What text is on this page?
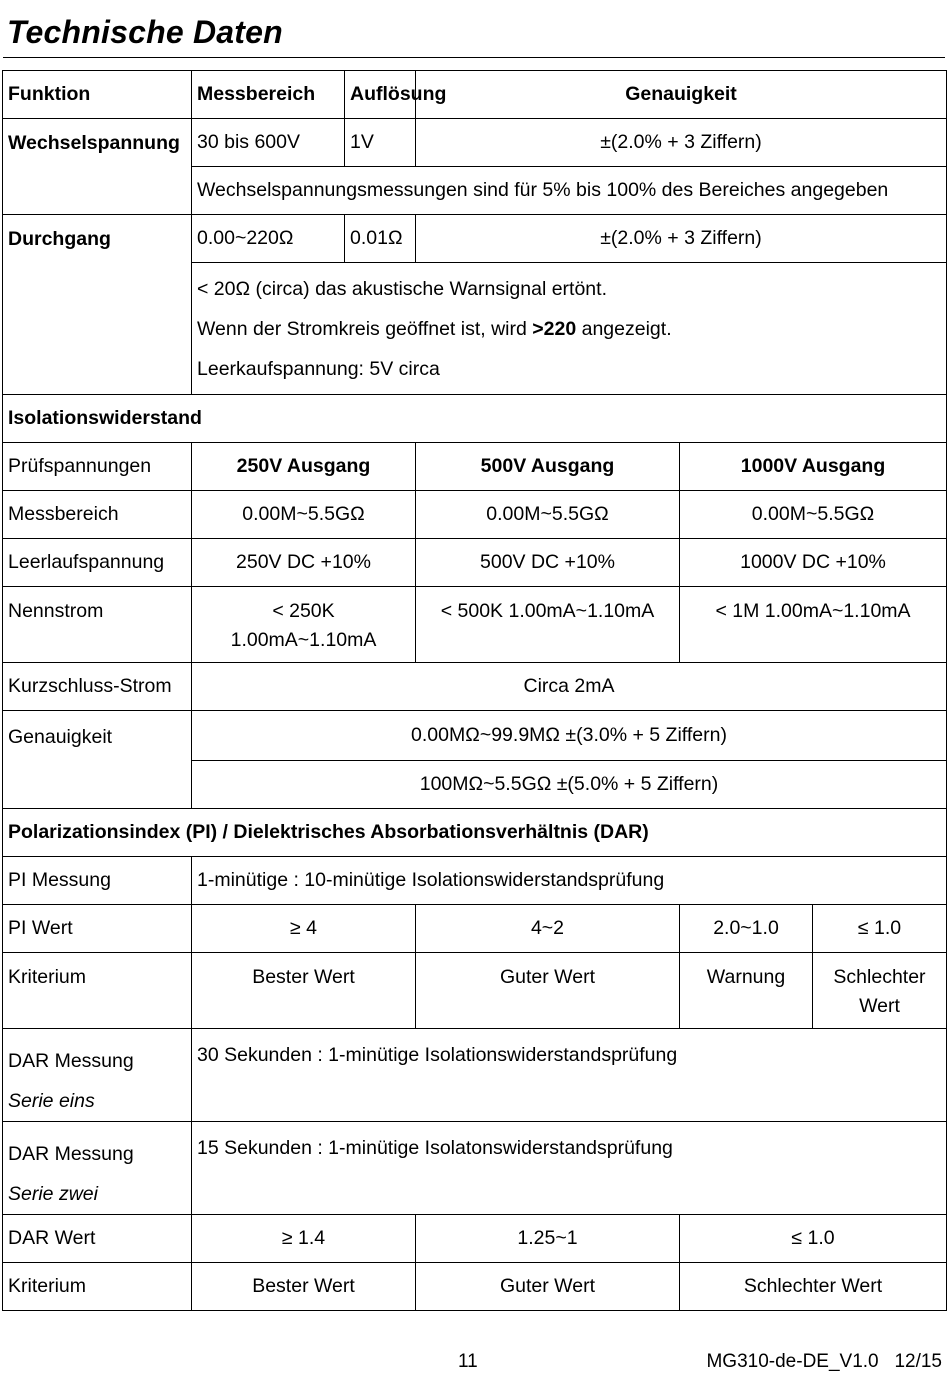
Technische Daten
Funktion	Messbereich	Auflösung	Genauigkeit		
Wechselspannung	30 bis 600V	1V	±(2.0% + 3 Ziffern)		
	Wechselspannungsmessungen sind für 5% bis 100% des Bereiches angegeben				
Durchgang	0.00~220Ω	0.01Ω	±(2.0% + 3 Ziffern)		

	< 20Ω (circa) das akustische Warnsignal ertönt.
Wenn der Stromkreis geöffnet ist, wird >220 angezeigt.
Leerkaufspannung: 5V circa				

Isolationswiderstand					
Prüfspannungen	250V Ausgang		500V Ausgang	1000V Ausgang	
Messbereich	0.00M~5.5GΩ		0.00M~5.5GΩ	0.00M~5.5GΩ	
Leerlaufspannung	250V DC +10%		500V DC +10%	1000V DC +10%	
Nennstrom	< 250K
1.00mA~1.10mA		< 500K 1.00mA~1.10mA	< 1M 1.00mA~1.10mA	
Kurzschluss-Strom	Circa 2mA				
Genauigkeit	0.00MΩ~99.9MΩ ±(3.0% + 5 Ziffern)				
	100MΩ~5.5GΩ ±(5.0% + 5 Ziffern)				
Polarizationsindex (PI) / Dielektrisches Absorbationsverhältnis (DAR)					
PI Messung	1-minütige : 10-minütige Isolationswiderstandsprüfung				
PI Wert	≥ 4		4~2	2.0~1.0	≤ 1.0
Kriterium	Bester Wert		Guter Wert	Warnung	Schlechter
Wert

DAR Messung
Serie eins	30 Sekunden : 1-minütige Isolationswiderstandsprüfung				

DAR Messung
Serie zwei	15 Sekunden : 1-minütige Isolatonswiderstandsprüfung				
DAR Wert	≥ 1.4		1.25~1	≤ 1.0	
Kriterium	Bester Wert		Guter Wert	Schlechter Wert	
11	MG310-de-DE_V1.0   12/15
